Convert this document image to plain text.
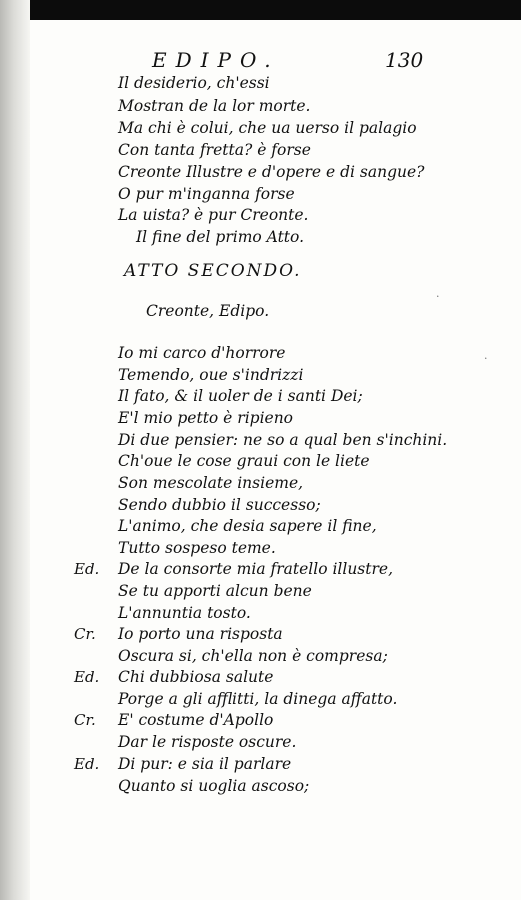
EDIPO.	130
Il desiderio, ch'essi
Mostran de la lor morte.
Ma chi è colui, che ua uerso il palagio
Con tanta fretta? è forse
Creonte Illustre e d'opere e di sangue?
O pur m'inganna forse
La uista? è pur Creonte.
Il fine del primo Atto.
ATTO SECONDO.
Creonte, Edipo.
Io mi carco d'horrore
Temendo, oue s'indrizzi
Il fato, & il uoler de i santi Dei;
E'l mio petto è ripieno
Di due pensier: ne so a qual ben s'inchini.
Ch'oue le cose graui con le liete
Son mescolate insieme,
Sendo dubbio il successo;
L'animo, che desia sapere il fine,
Tutto sospeso teme.
Ed. De la consorte mia fratello illustre,
Se tu apporti alcun bene
L'annuntia tosto.
Cr. Io porto una risposta
Oscura si, ch'ella non è compresa;
Ed. Chi dubbiosa salute
Porge a gli afflitti, la dinega affatto.
Cr. E' costume d'Apollo
Dar le risposte oscure.
Ed. Di pur: e sia il parlare
Quanto si uoglia ascoso;
·
·
